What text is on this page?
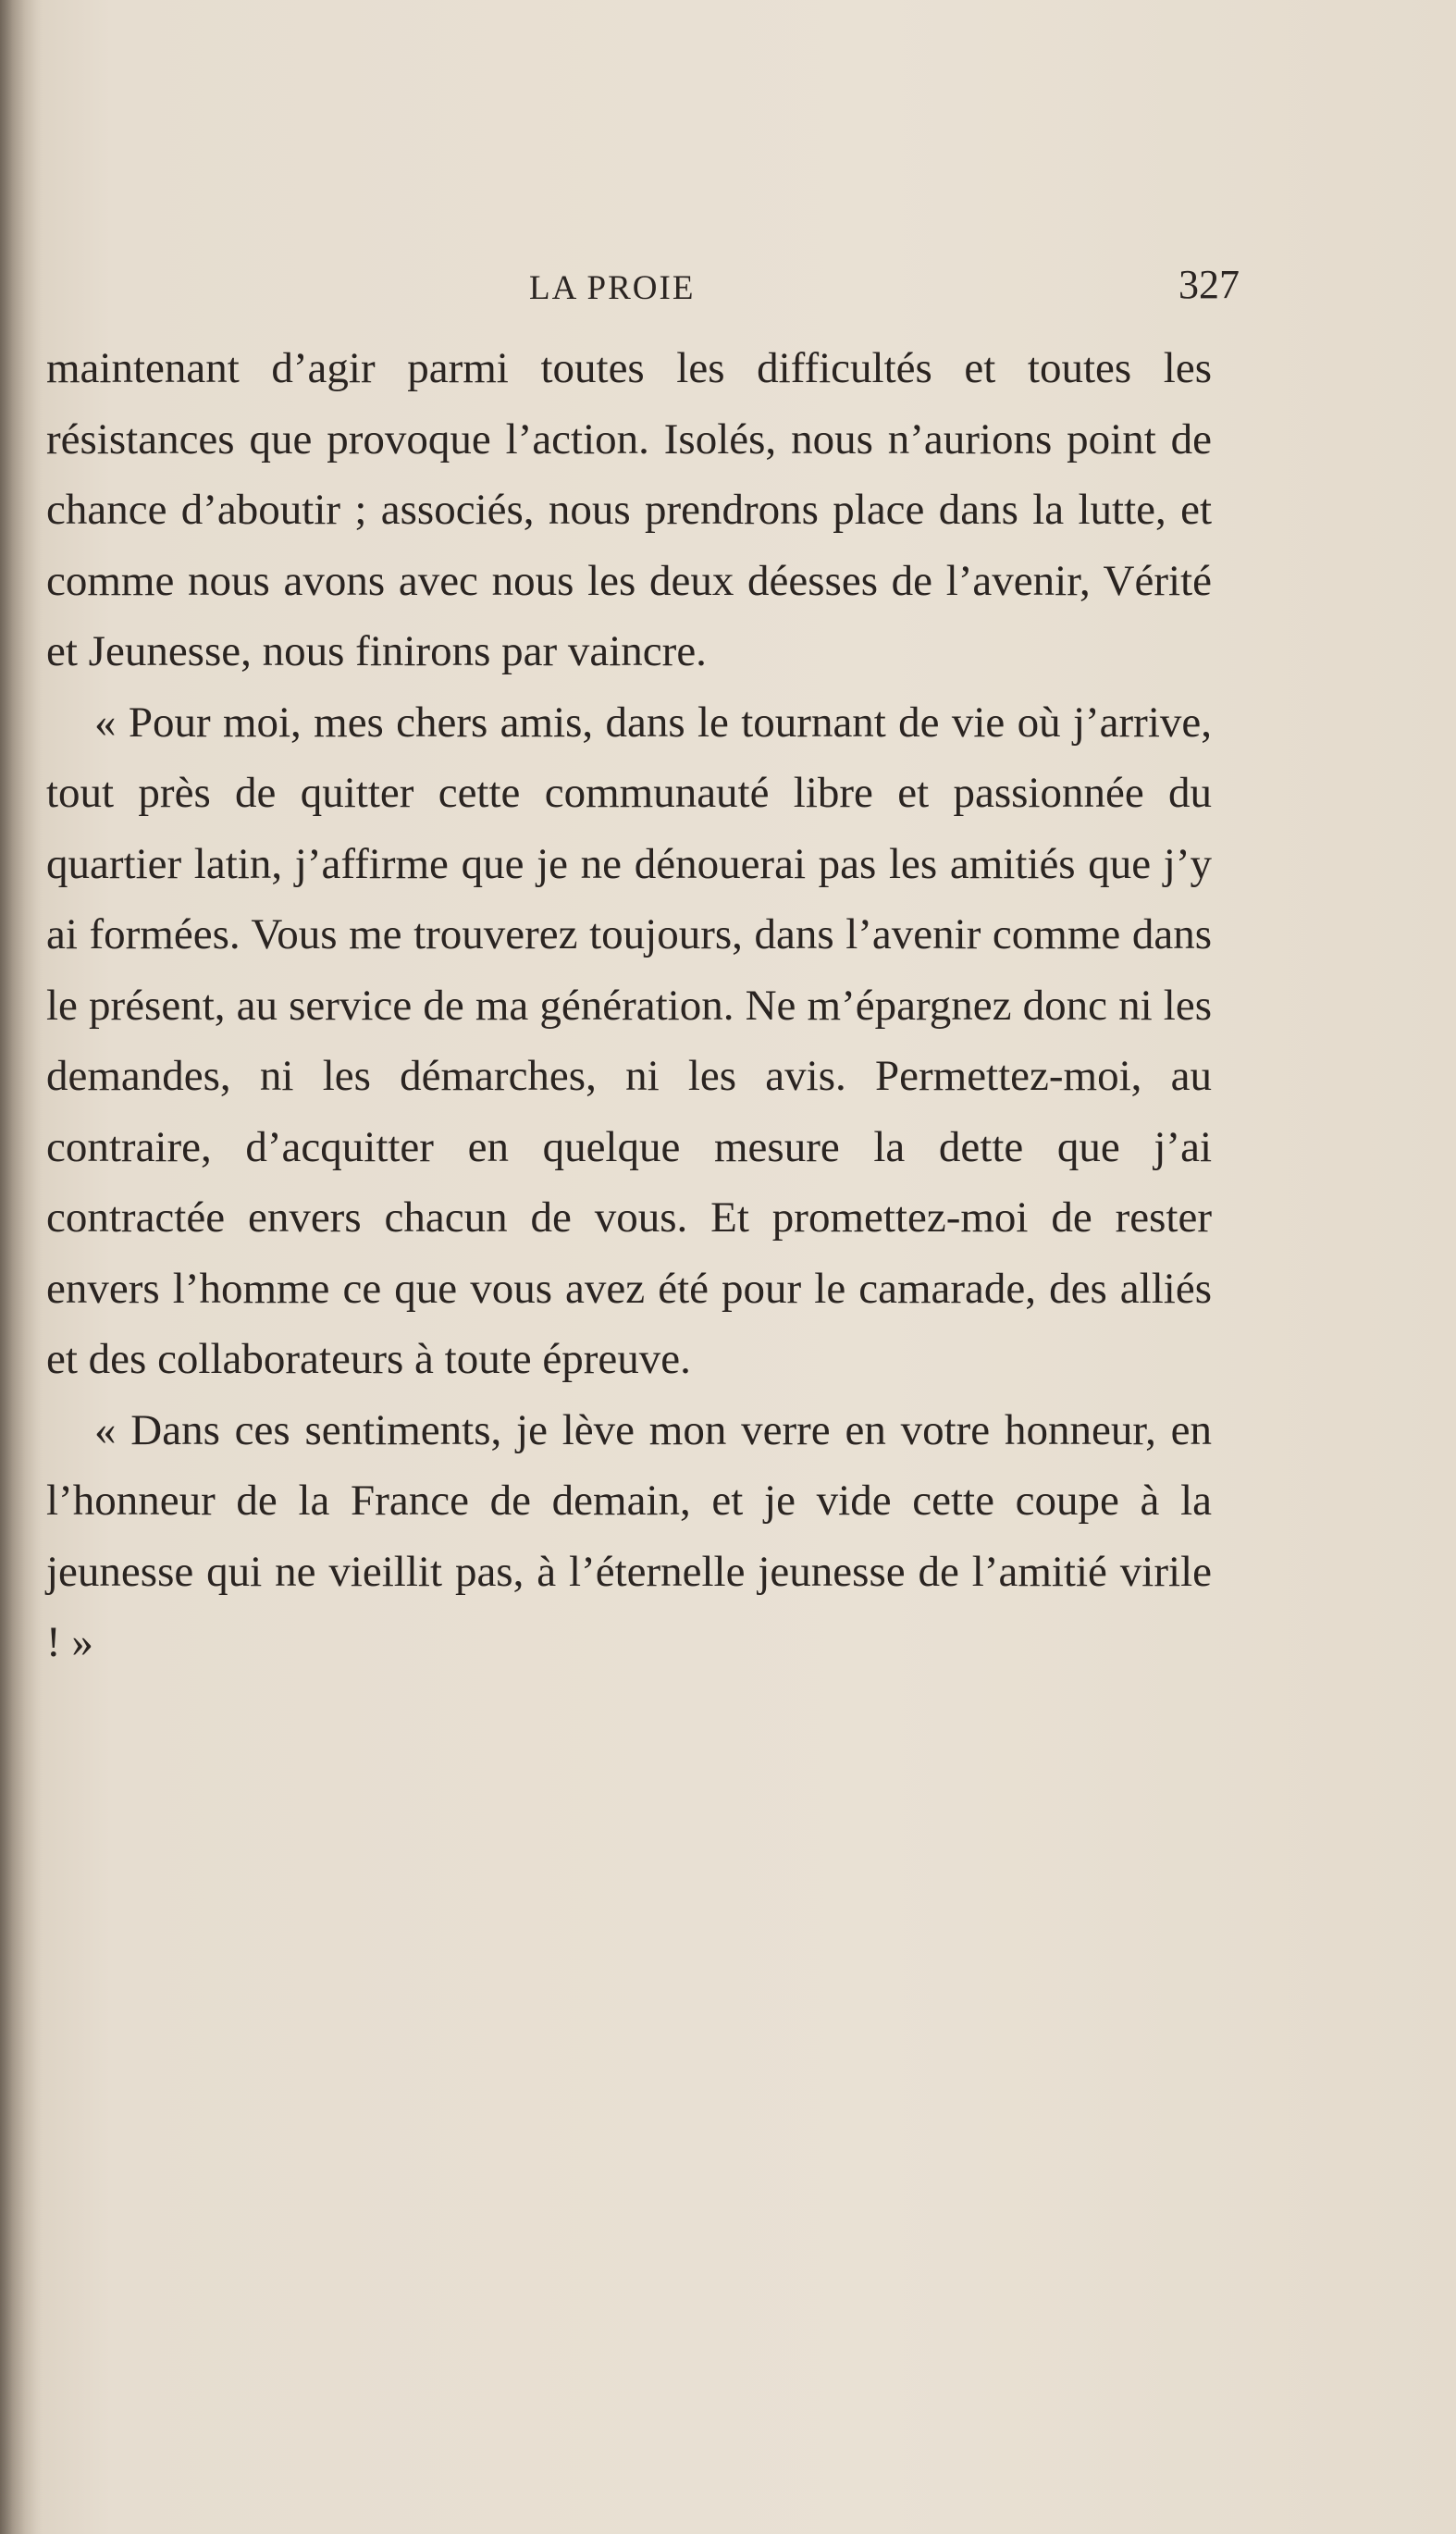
LA PROIE	327

maintenant d’agir parmi toutes les difficultés et toutes les résistances que provoque l’action. Isolés, nous n’aurions point de chance d’aboutir ; associés, nous prendrons place dans la lutte, et comme nous avons avec nous les deux déesses de l’avenir, Vérité et Jeunesse, nous finirons par vaincre.

« Pour moi, mes chers amis, dans le tournant de vie où j’arrive, tout près de quitter cette communauté libre et passionnée du quartier latin, j’affirme que je ne dénouerai pas les amitiés que j’y ai formées. Vous me trouverez toujours, dans l’avenir comme dans le présent, au service de ma génération. Ne m’épargnez donc ni les demandes, ni les démarches, ni les avis. Permettez-moi, au contraire, d’acquitter en quelque mesure la dette que j’ai contractée envers chacun de vous. Et promettez-moi de rester envers l’homme ce que vous avez été pour le camarade, des alliés et des collaborateurs à toute épreuve.

« Dans ces sentiments, je lève mon verre en votre honneur, en l’honneur de la France de demain, et je vide cette coupe à la jeunesse qui ne vieillit pas, à l’éternelle jeunesse de l’amitié virile ! »
